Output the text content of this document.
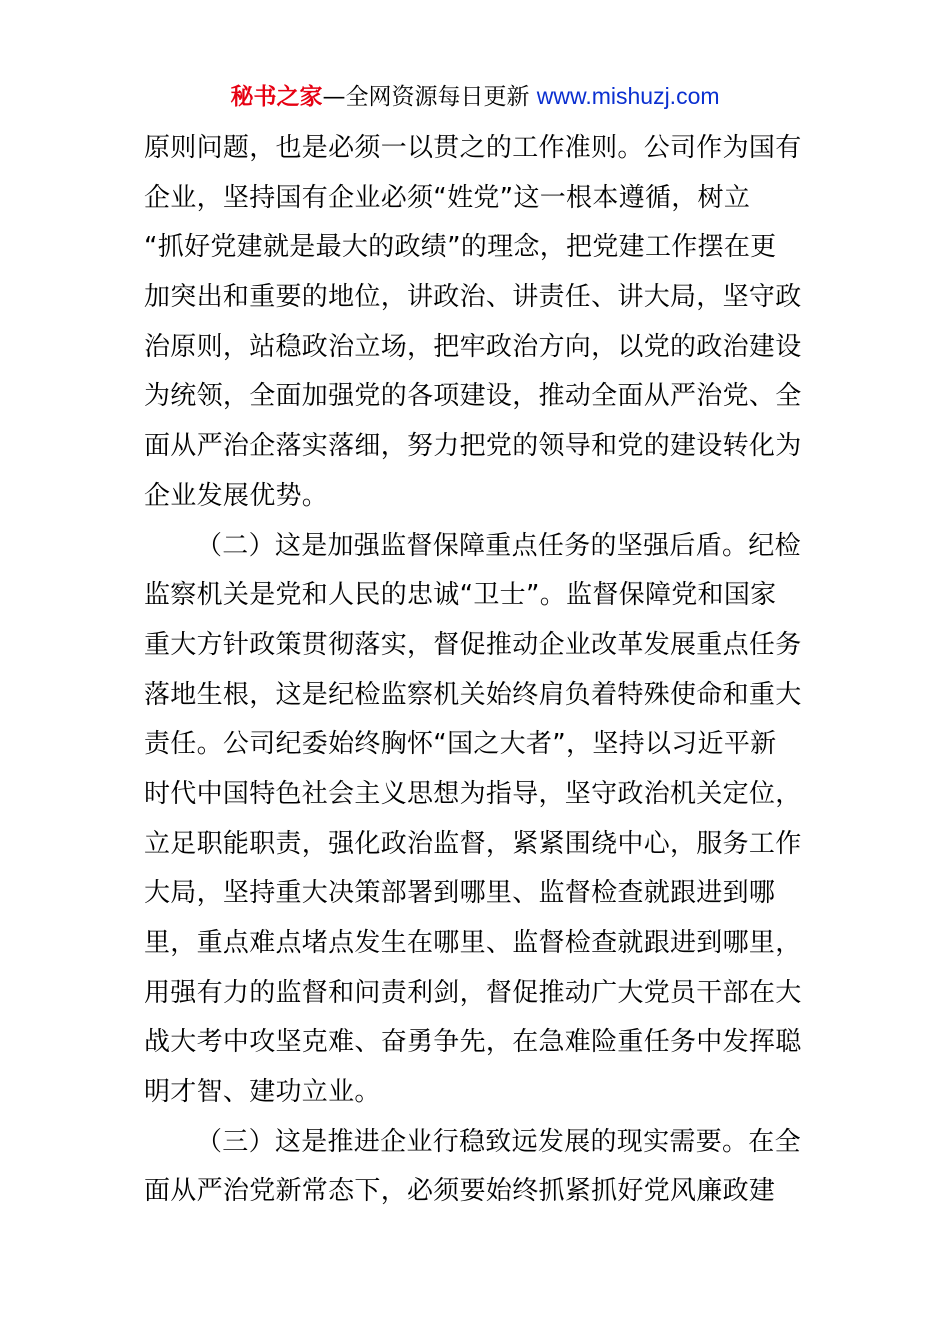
秘书之家—全网资源每日更新 www.mishuzj.com
原则问题，也是必须一以贯之的工作准则。公司作为国有
企业，坚持国有企业必须“姓党”这一根本遵循，树立
“抓好党建就是最大的政绩”的理念，把党建工作摆在更
加突出和重要的地位，讲政治、讲责任、讲大局，坚守政
治原则，站稳政治立场，把牢政治方向，以党的政治建设
为统领，全面加强党的各项建设，推动全面从严治党、全
面从严治企落实落细，努力把党的领导和党的建设转化为
企业发展优势。
（二）这是加强监督保障重点任务的坚强后盾。纪检
监察机关是党和人民的忠诚“卫士”。监督保障党和国家
重大方针政策贯彻落实，督促推动企业改革发展重点任务
落地生根，这是纪检监察机关始终肩负着特殊使命和重大
责任。公司纪委始终胸怀“国之大者”，坚持以习近平新
时代中国特色社会主义思想为指导，坚守政治机关定位，
立足职能职责，强化政治监督，紧紧围绕中心，服务工作
大局，坚持重大决策部署到哪里、监督检查就跟进到哪
里，重点难点堵点发生在哪里、监督检查就跟进到哪里，
用强有力的监督和问责利剑，督促推动广大党员干部在大
战大考中攻坚克难、奋勇争先，在急难险重任务中发挥聪
明才智、建功立业。
（三）这是推进企业行稳致远发展的现实需要。在全
面从严治党新常态下，必须要始终抓紧抓好党风廉政建
